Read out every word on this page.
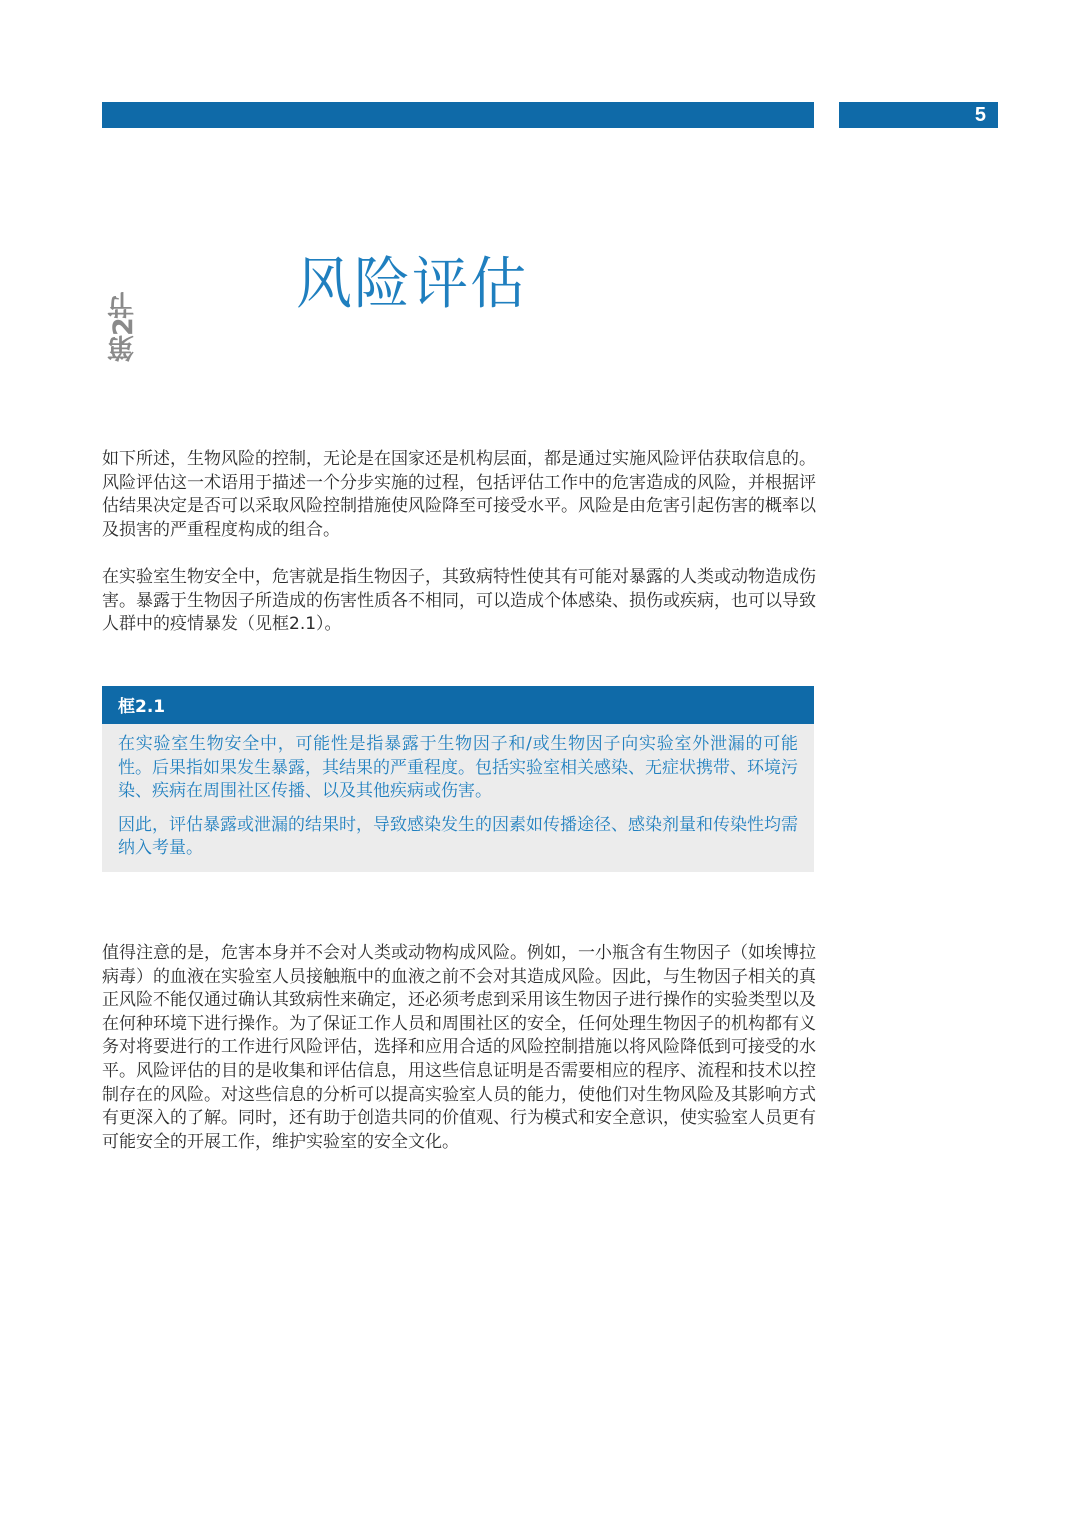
5
第2节
风险评估

如下所述，生物风险的控制，无论是在国家还是机构层面，都是通过实施风险评估获取信息的。风险评估这一术语用于描述一个分步实施的过程，包括评估工作中的危害造成的风险，并根据评估结果决定是否可以采取风险控制措施使风险降至可接受水平。风险是由危害引起伤害的概率以及损害的严重程度构成的组合。

在实验室生物安全中，危害就是指生物因子，其致病特性使其有可能对暴露的人类或动物造成伤害。暴露于生物因子所造成的伤害性质各不相同，可以造成个体感染、损伤或疾病，也可以导致人群中的疫情暴发（见框2.1）。

框2.1

在实验室生物安全中，可能性是指暴露于生物因子和/或生物因子向实验室外泄漏的可能性。后果指如果发生暴露，其结果的严重程度。包括实验室相关感染、无症状携带、环境污染、疾病在周围社区传播、以及其他疾病或伤害。

因此，评估暴露或泄漏的结果时，导致感染发生的因素如传播途径、感染剂量和传染性均需纳入考量。

值得注意的是，危害本身并不会对人类或动物构成风险。例如，一小瓶含有生物因子（如埃博拉病毒）的血液在实验室人员接触瓶中的血液之前不会对其造成风险。因此，与生物因子相关的真正风险不能仅通过确认其致病性来确定，还必须考虑到采用该生物因子进行操作的实验类型以及在何种环境下进行操作。为了保证工作人员和周围社区的安全，任何处理生物因子的机构都有义务对将要进行的工作进行风险评估，选择和应用合适的风险控制措施以将风险降低到可接受的水平。风险评估的目的是收集和评估信息，用这些信息证明是否需要相应的程序、流程和技术以控制存在的风险。对这些信息的分析可以提高实验室人员的能力，使他们对生物风险及其影响方式有更深入的了解。同时，还有助于创造共同的价值观、行为模式和安全意识，使实验室人员更有可能安全的开展工作，维护实验室的安全文化。
